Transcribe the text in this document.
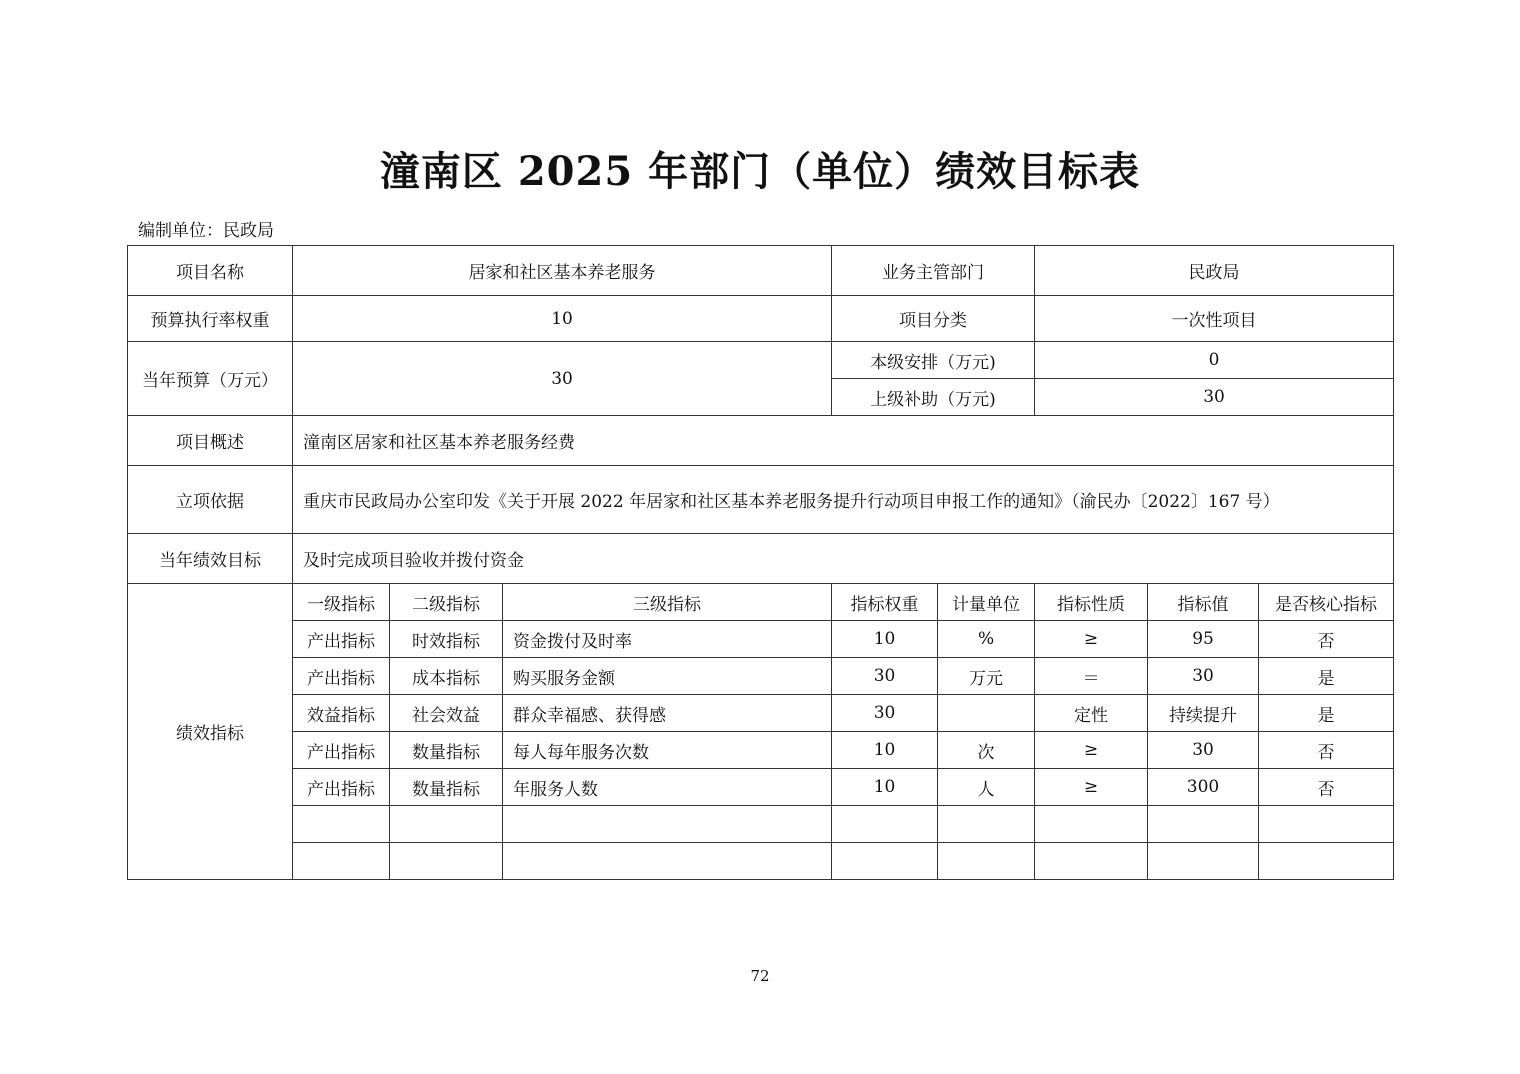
潼南区 2025 年部门（单位）绩效目标表
编制单位：民政局
项目名称	居家和社区基本养老服务			业务主管部门		民政局		
预算执行率权重	10			项目分类		一次性项目		
当年预算（万元）	30			本级安排（万元)		0		
				上级补助（万元)		30		
项目概述	潼南区居家和社区基本养老服务经费							
立项依据	重庆市民政局办公室印发《关于开展 2022 年居家和社区基本养老服务提升行动项目申报工作的通知》（渝民办〔2022〕167 号）							
当年绩效目标	及时完成项目验收并拨付资金							
绩效指标	一级指标	二级指标	三级指标	指标权重	计量单位	指标性质	指标值	是否核心指标
	产出指标	时效指标	资金拨付及时率	10	%	≥	95	否
	产出指标	成本指标	购买服务金额	30	万元	＝	30	是
	效益指标	社会效益	群众幸福感、获得感	30		定性	持续提升	是
	产出指标	数量指标	每人每年服务次数	10	次	≥	30	否
	产出指标	数量指标	年服务人数	10	人	≥	300	否

72
